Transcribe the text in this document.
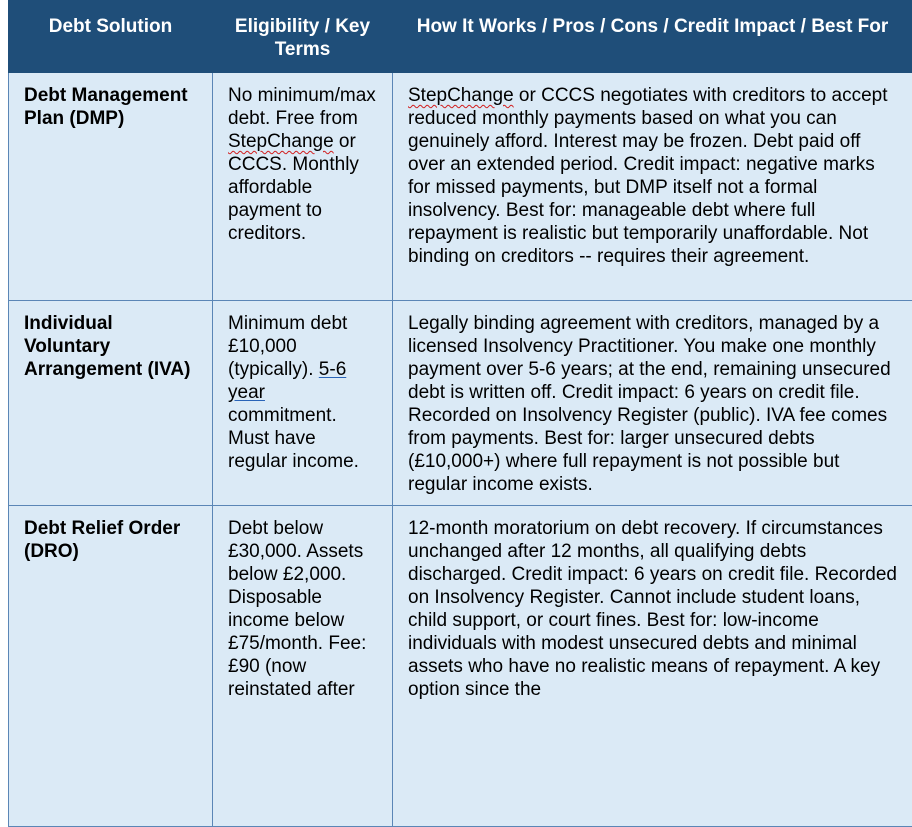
Debt Solution	Eligibility / Key Terms	How It Works / Pros / Cons / Credit Impact / Best For
Debt Management Plan (DMP)	No minimum/max debt. Free from StepChange or CCCS. Monthly affordable payment to creditors.	StepChange or CCCS negotiates with creditors to accept reduced monthly payments based on what you can genuinely afford. Interest may be frozen. Debt paid off over an extended period. Credit impact: negative marks for missed payments, but DMP itself not a formal insolvency. Best for: manageable debt where full repayment is realistic but temporarily unaffordable. Not binding on creditors -- requires their agreement.
Individual Voluntary Arrangement (IVA)	Minimum debt £10,000 (typically). 5-6 year commitment. Must have regular income.	Legally binding agreement with creditors, managed by a licensed Insolvency Practitioner. You make one monthly payment over 5-6 years; at the end, remaining unsecured debt is written off. Credit impact: 6 years on credit file. Recorded on Insolvency Register (public). IVA fee comes from payments. Best for: larger unsecured debts (£10,000+) where full repayment is not possible but regular income exists.
Debt Relief Order (DRO)	Debt below £30,000. Assets below £2,000. Disposable income below £75/month. Fee: £90 (now reinstated after	12-month moratorium on debt recovery. If circumstances unchanged after 12 months, all qualifying debts discharged. Credit impact: 6 years on credit file. Recorded on Insolvency Register. Cannot include student loans, child support, or court fines. Best for: low-income individuals with modest unsecured debts and minimal assets who have no realistic means of repayment. A key option since the
